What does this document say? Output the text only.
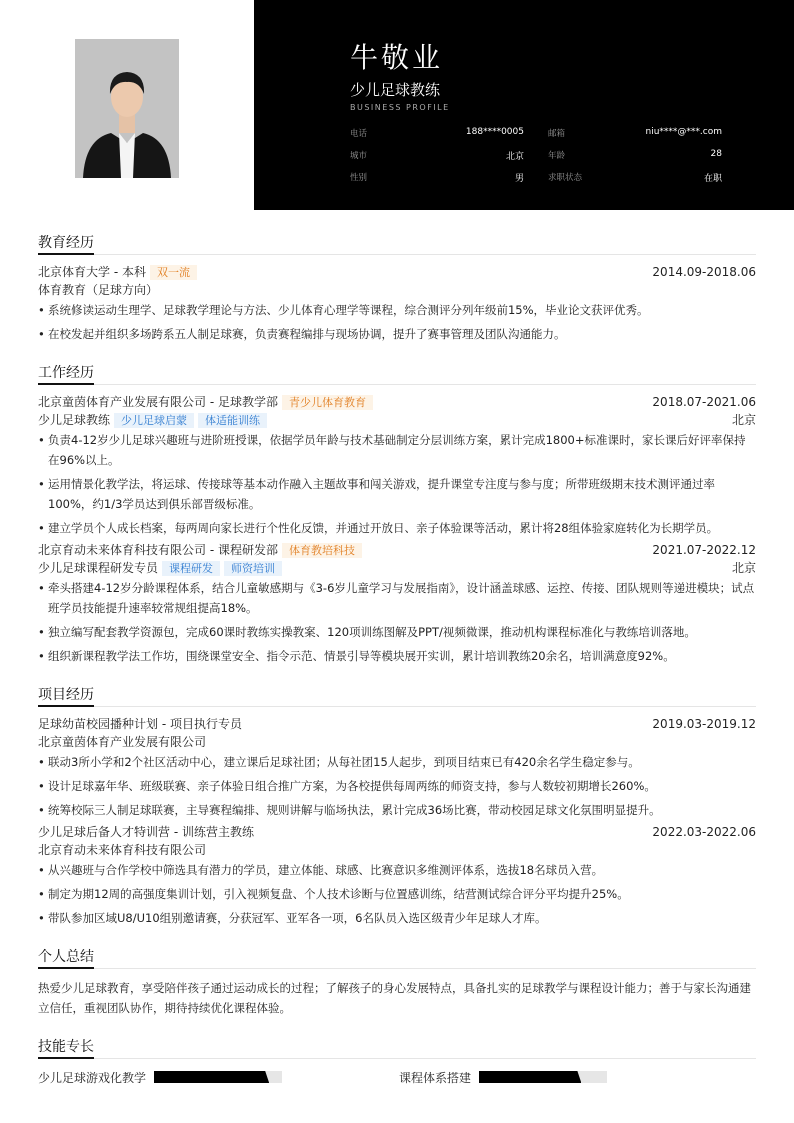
牛敬业
少儿足球教练
BUSINESS PROFILE
电话	188****0005	邮箱	niu****@***.com
城市	北京	年龄	28
性别	男	求职状态	在职
教育经历
北京体育大学 - 本科 双一流	2014.09-2018.06
体育教育（足球方向）
• 系统修读运动生理学、足球教学理论与方法、少儿体育心理学等课程，综合测评分列年级前15%，毕业论文获评优秀。
• 在校发起并组织多场跨系五人制足球赛，负责赛程编排与现场协调，提升了赛事管理及团队沟通能力。
工作经历
北京童茵体育产业发展有限公司 - 足球教学部 青少儿体育教育	2018.07-2021.06
少儿足球教练 少儿足球启蒙 体适能训练	北京
• 负责4-12岁少儿足球兴趣班与进阶班授课，依据学员年龄与技术基础制定分层训练方案，累计完成1800+标准课时，家长课后好评率保持在96%以上。
• 运用情景化教学法，将运球、传接球等基本动作融入主题故事和闯关游戏，提升课堂专注度与参与度；所带班级期末技术测评通过率100%，约1/3学员达到俱乐部晋级标准。
• 建立学员个人成长档案，每两周向家长进行个性化反馈，并通过开放日、亲子体验课等活动，累计将28组体验家庭转化为长期学员。
北京育动未来体育科技有限公司 - 课程研发部 体育教培科技	2021.07-2022.12
少儿足球课程研发专员 课程研发 师资培训	北京
• 牵头搭建4-12岁分龄课程体系，结合儿童敏感期与《3-6岁儿童学习与发展指南》，设计涵盖球感、运控、传接、团队规则等递进模块；试点班学员技能提升速率较常规组提高18%。
• 独立编写配套教学资源包，完成60课时教练实操教案、120项训练图解及PPT/视频微课，推动机构课程标准化与教练培训落地。
• 组织新课程教学法工作坊，围绕课堂安全、指令示范、情景引导等模块展开实训，累计培训教练20余名，培训满意度92%。
项目经历
足球幼苗校园播种计划 - 项目执行专员	2019.03-2019.12
北京童茵体育产业发展有限公司
• 联动3所小学和2个社区活动中心，建立课后足球社团；从每社团15人起步，到项目结束已有420余名学生稳定参与。
• 设计足球嘉年华、班级联赛、亲子体验日组合推广方案，为各校提供每周两练的师资支持，参与人数较初期增长260%。
• 统筹校际三人制足球联赛，主导赛程编排、规则讲解与临场执法，累计完成36场比赛，带动校园足球文化氛围明显提升。
少儿足球后备人才特训营 - 训练营主教练	2022.03-2022.06
北京育动未来体育科技有限公司
• 从兴趣班与合作学校中筛选具有潜力的学员，建立体能、球感、比赛意识多维测评体系，选拔18名球员入营。
• 制定为期12周的高强度集训计划，引入视频复盘、个人技术诊断与位置感训练，结营测试综合评分平均提升25%。
• 带队参加区域U8/U10组别邀请赛，分获冠军、亚军各一项，6名队员入选区级青少年足球人才库。
个人总结
热爱少儿足球教育，享受陪伴孩子通过运动成长的过程；了解孩子的身心发展特点，具备扎实的足球教学与课程设计能力；善于与家长沟通建立信任，重视团队协作，期待持续优化课程体验。
技能专长
少儿足球游戏化教学	课程体系搭建
